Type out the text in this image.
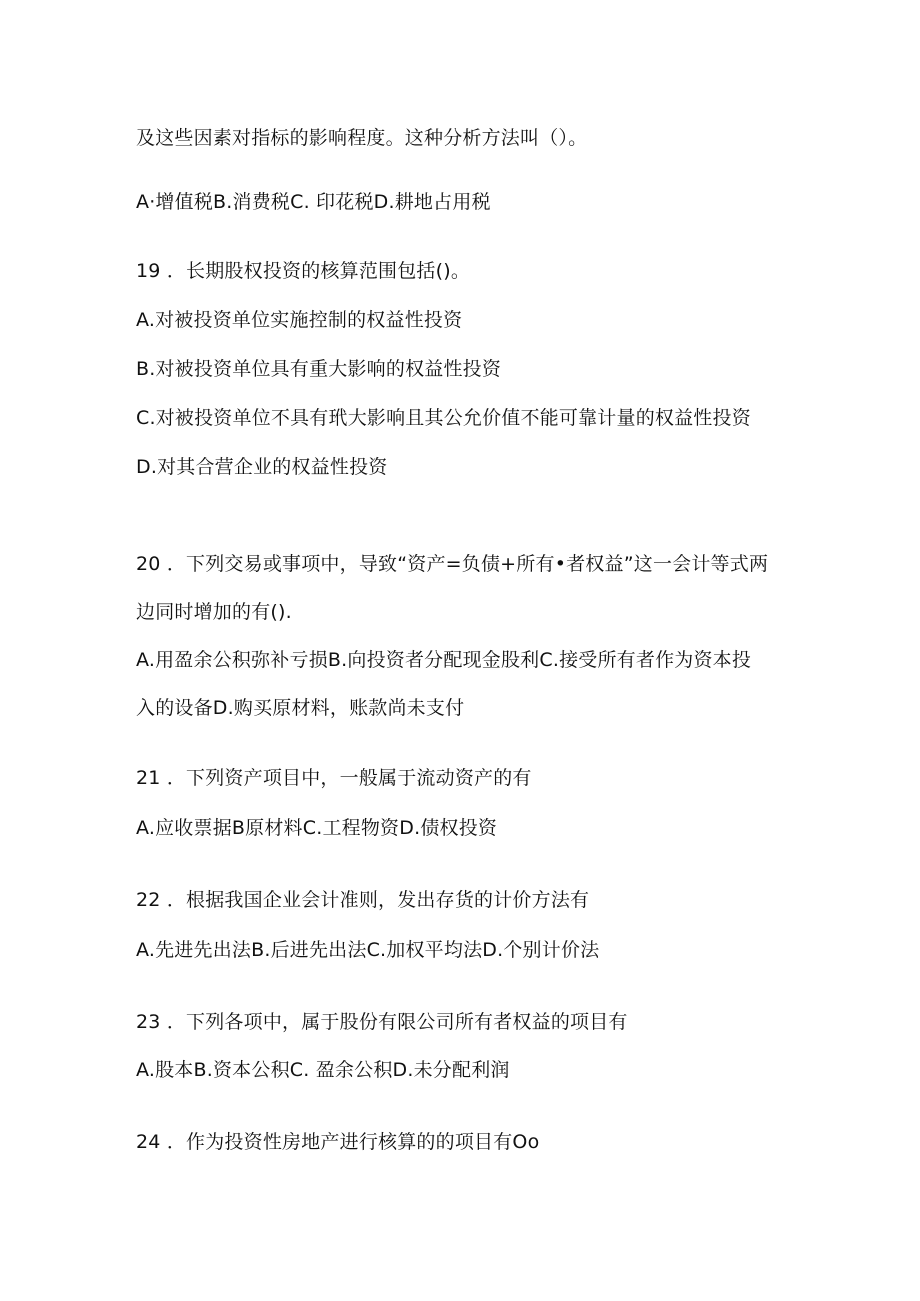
及这些因素对指标的影响程度。这种分析方法叫（）。
A·增值税B.消费税C. 印花税D.耕地占用税
19 ．长期股权投资的核算范围包括()。
A.对被投资单位实施控制的权益性投资
B.对被投资单位具有重大影响的权益性投资
C.对被投资单位不具有玳大影响且其公允价值不能可靠计量的权益性投资
D.对其合营企业的权益性投资
20 ．下列交易或事项中，导致“资产=负债+所有•者权益”这一会计等式两
边同时增加的有().
A.用盈余公积弥补亏损B.向投资者分配现金股利C.接受所有者作为资本投
入的设备D.购买原材料，账款尚未支付
21 ．下列资产项目中，一般属于流动资产的有
A.应收票据B原材料C.工程物资D.债权投资
22 ．根据我国企业会计准则，发出存货的计价方法有
A.先进先出法B.后进先出法C.加权平均法D.个别计价法
23 ．下列各项中，属于股份有限公司所有者权益的项目有
A.股本B.资本公积C. 盈余公积D.未分配利润
24 ．作为投资性房地产进行核算的的项目有Oo
